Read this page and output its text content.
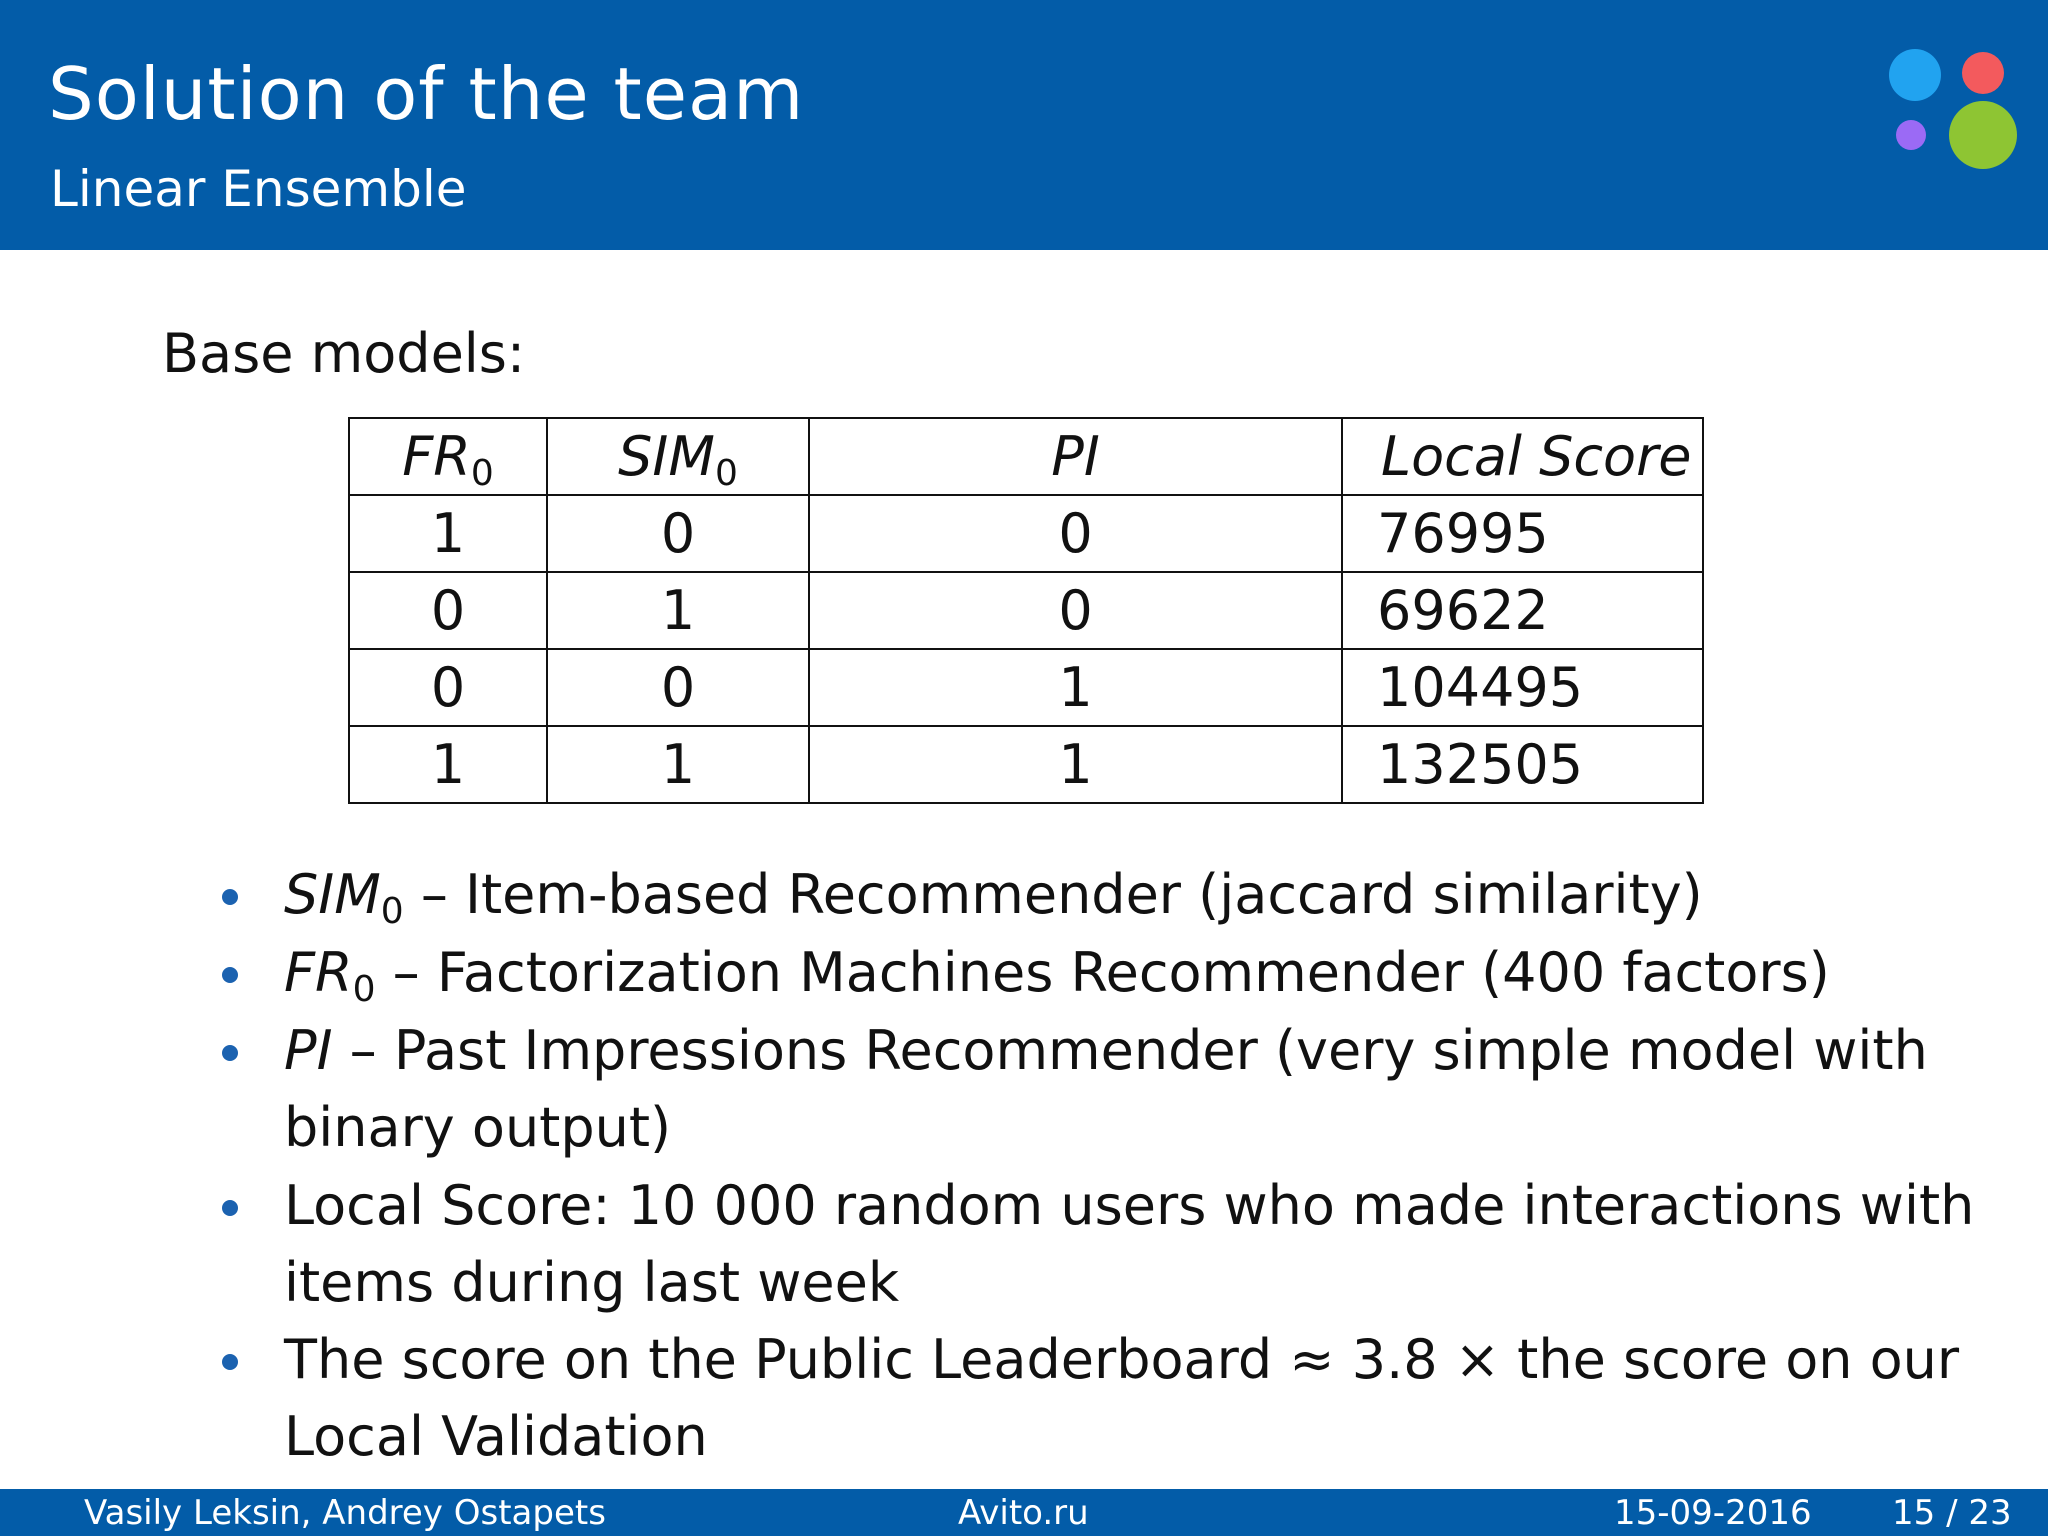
Solution of the team
Linear Ensemble
Base models:
$FR_0$	$SIM_0$	PI	Local Score
1	0	0	76995
0	1	0	69622
0	0	1	104495
1	1	1	132505
$SIM_0$ – Item-based Recommender (jaccard similarity)
$FR_0$ – Factorization Machines Recommender (400 factors)
PI – Past Impressions Recommender (very simple model with binary output)
Local Score: 10 000 random users who made interactions with items during last week
The score on the Public Leaderboard ≈ 3.8 × the score on our Local Validation
Vasily Leksin, Andrey Ostapets	Avito.ru	15-09-2016 15 / 23
